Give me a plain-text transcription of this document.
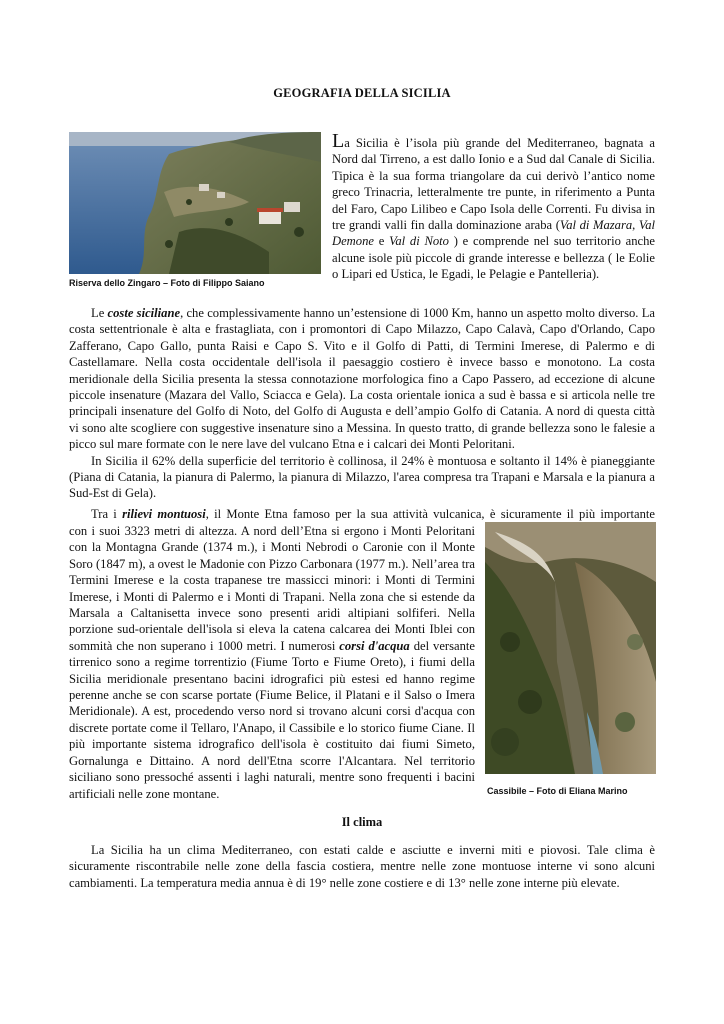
GEOGRAFIA DELLA SICILIA
Riserva dello Zingaro – Foto di Filippo Saiano

La Sicilia è l’isola più grande del Mediterraneo, bagnata a Nord dal Tirreno, a est dallo Ionio e a Sud dal Canale di Sicilia. Tipica è la sua forma triangolare da cui derivò l’antico nome greco Trinacria, letteralmente tre punte, in riferimento a Punta del Faro, Capo Lilibeo e Capo Isola delle Correnti. Fu divisa in tre grandi valli fin dalla dominazione araba (Val di Mazara, Val Demone e Val di Noto ) e comprende nel suo territorio anche alcune isole più piccole di grande interesse e bellezza ( le Eolie o Lipari ed Ustica, le Egadi, le Pelagie e Pantelleria).

Le coste siciliane, che complessivamente hanno un’estensione di 1000 Km, hanno un aspetto molto diverso. La costa settentrionale è alta e frastagliata, con i promontori di Capo Milazzo, Capo Calavà, Capo d'Orlando, Capo Zafferano, Capo Gallo, punta Raisi e Capo S. Vito e il Golfo di Patti, di Termini Imerese, di Palermo e di Castellamare. Nella costa occidentale dell'isola il paesaggio costiero è invece basso e monotono. La costa meridionale della Sicilia presenta la stessa connotazione morfologica fino a Capo Passero, ad eccezione di alcune piccole insenature (Mazara del Vallo, Sciacca e Gela). La costa orientale ionica a sud è bassa e si articola nelle tre principali insenature del Golfo di Noto, del Golfo di Augusta e dell’ampio Golfo di Catania. A nord di questa città vi sono alte scogliere con suggestive insenature sino a Messina. In questo tratto, di grande bellezza sono le falesie a picco sul mare formate con le nere lave del vulcano Etna e i calcari dei Monti Peloritani.

In Sicilia il 62% della superficie del territorio è collinosa, il 24% è montuosa e soltanto il 14% è pianeggiante (Piana di Catania, la pianura di Palermo, la pianura di Milazzo, l'area compresa tra Trapani e Marsala e la pianura a Sud-Est di Gela).

Tra i rilievi montuosi, il Monte Etna famoso per la sua attività vulcanica, è sicuramente il più importante

con i suoi 3323 metri di altezza. A nord dell’Etna si ergono i Monti Peloritani con la Montagna Grande (1374 m.), i Monti Nebrodi o Caronie con il Monte Soro (1847 m), a ovest le Madonie con Pizzo Carbonara (1977 m.). Nell’area tra Termini Imerese e la costa trapanese tre massicci minori: i Monti di Termini Imerese, i Monti di Palermo e i Monti di Trapani. Nella zona che si estende da Marsala a Caltanisetta invece sono presenti aridi altipiani solfiferi. Nella porzione sud-orientale dell'isola si eleva la catena calcarea dei Monti Iblei con sommità che non superano i 1000 metri. I numerosi corsi d'acqua del versante tirrenico sono a regime torrentizio (Fiume Torto e Fiume Oreto), i fiumi della Sicilia meridionale presentano bacini idrografici più estesi ed hanno regime perenne anche se con scarse portate (Fiume Belice, il Platani e il Salso o Imera Meridionale). A est, procedendo verso nord si trovano alcuni corsi d'acqua con discrete portate come il Tellaro, l'Anapo, il Cassibile e lo storico fiume Ciane. Il più importante sistema idrografico dell'isola è costituito dai fiumi Simeto, Gornalunga e Dittaino. A nord dell'Etna scorre l'Alcantara. Nel territorio siciliano sono pressoché assenti i laghi naturali, mentre sono frequenti i bacini artificiali nelle zone montane.	Cassibile – Foto di Eliana Marino
Il clima

La Sicilia ha un clima Mediterraneo, con estati calde e asciutte e inverni miti e piovosi. Tale clima è sicuramente riscontrabile nelle zone della fascia costiera, mentre nelle zone montuose interne vi sono alcuni cambiamenti. La temperatura media annua è di 19° nelle zone costiere e di 13° nelle zone interne più elevate.
